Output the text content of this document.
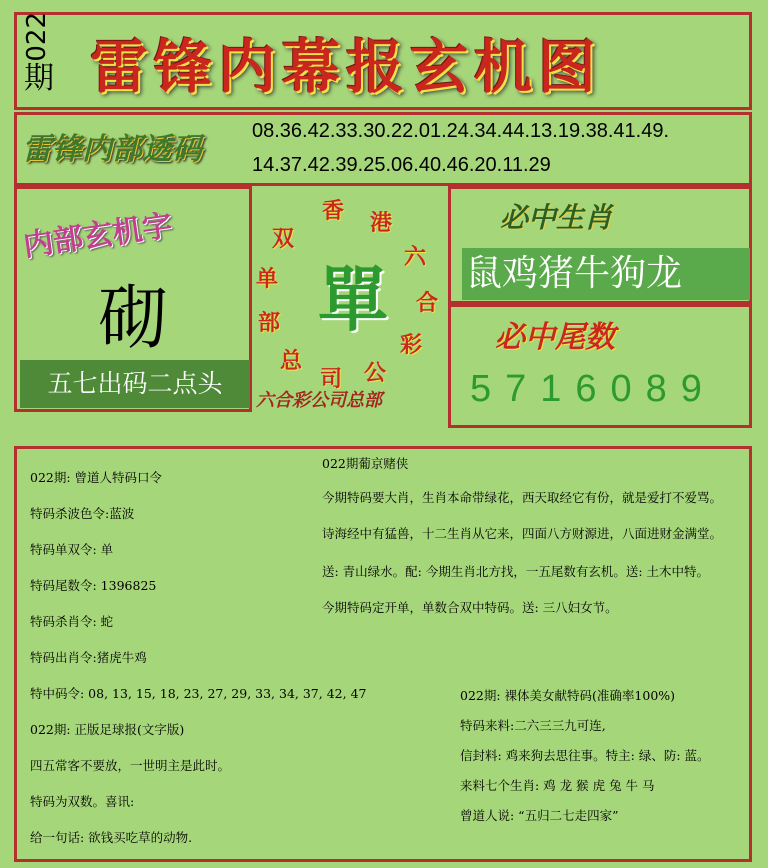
022
期 雷锋内幕报玄机图
雷锋内部透码
08.36.42.33.30.22.01.24.34.44.13.19.38.41.49.
14.37.42.39.25.06.40.46.20.11.29
内部玄机字
砌
五七出码二点头
香 港
六
合
彩
公
司
总
部
单
双
單
六合彩公司总部
必中生肖
鼠鸡猪牛狗龙
必中尾数
5716089
022期: 曾道人特码口令
特码杀波色令:蓝波
特码单双令: 单
特码尾数令: 1396825
特码杀肖令: 蛇
特码出肖令:猪虎牛鸡
特中码令: 08, 13, 15, 18, 23, 27, 29, 33, 34, 37, 42, 47
022期: 正版足球报(文字版)
四五常客不要放，一世明主是此时。
特码为双数。喜讯:
给一句话: 欲钱买吃草的动物.
022期葡京赌侠
今期特码要大肖，生肖本命带绿花，西天取经它有份，就是爱打不爱骂。
诗海经中有猛兽，十二生肖从它来，四面八方财源进，八面进财金满堂。
送: 青山绿水。配: 今期生肖北方找，一五尾数有玄机。送: 土木中特。
今期特码定开单，单数合双中特码。送: 三八妇女节。
022期: 裸体美女献特码(准确率100%)
特码来料:二六三三九可连,
信封料: 鸡来狗去思往事。特主: 绿、防: 蓝。
来料七个生肖: 鸡 龙 猴 虎 兔 牛 马
曾道人说: “五归二七走四家”
